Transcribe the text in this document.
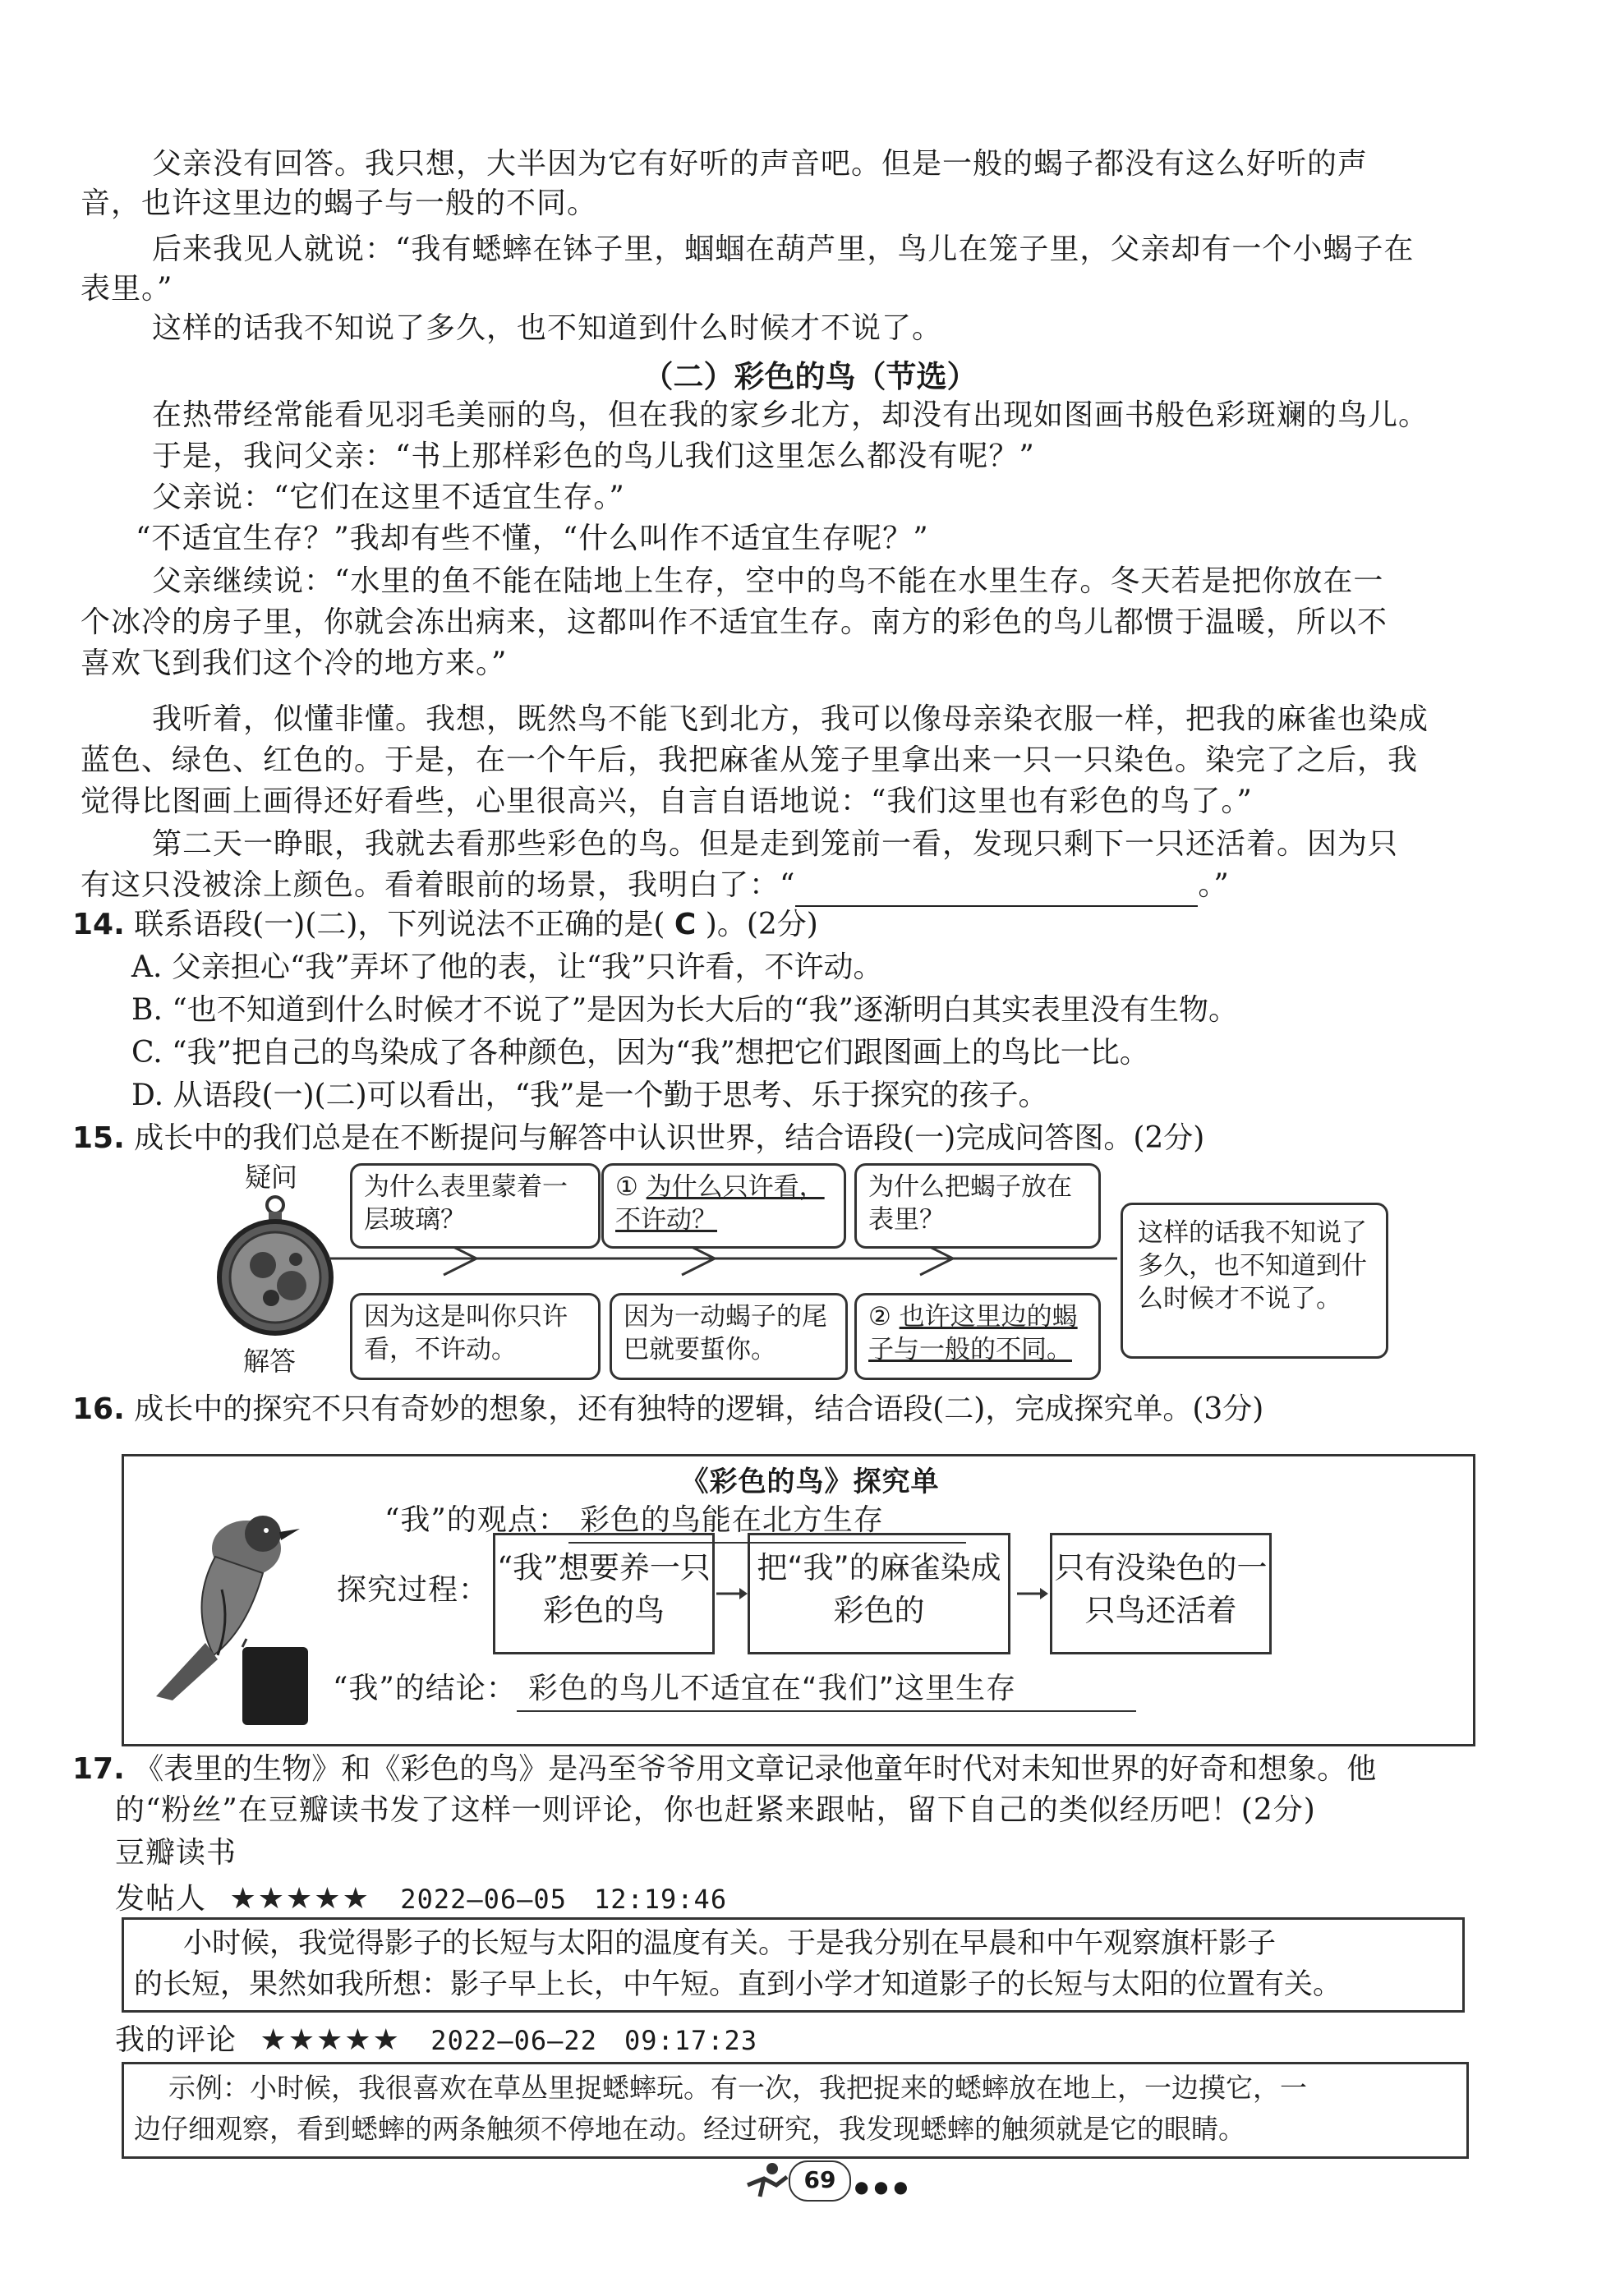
父亲没有回答。我只想，大半因为它有好听的声音吧。但是一般的蝎子都没有这么好听的声
音，也许这里边的蝎子与一般的不同。
后来我见人就说：“我有蟋蟀在钵子里，蝈蝈在葫芦里，鸟儿在笼子里，父亲却有一个小蝎子在
表里。”
这样的话我不知说了多久，也不知道到什么时候才不说了。
（二）彩色的鸟（节选）
在热带经常能看见羽毛美丽的鸟，但在我的家乡北方，却没有出现如图画书般色彩斑斓的鸟儿。
于是，我问父亲：“书上那样彩色的鸟儿我们这里怎么都没有呢？”
父亲说：“它们在这里不适宜生存。”
“不适宜生存？”我却有些不懂，“什么叫作不适宜生存呢？”
父亲继续说：“水里的鱼不能在陆地上生存，空中的鸟不能在水里生存。冬天若是把你放在一
个冰冷的房子里，你就会冻出病来，这都叫作不适宜生存。南方的彩色的鸟儿都惯于温暖，所以不
喜欢飞到我们这个冷的地方来。”
我听着，似懂非懂。我想，既然鸟不能飞到北方，我可以像母亲染衣服一样，把我的麻雀也染成
蓝色、绿色、红色的。于是，在一个午后，我把麻雀从笼子里拿出来一只一只染色。染完了之后，我
觉得比图画上画得还好看些，心里很高兴，自言自语地说：“我们这里也有彩色的鸟了。”
第二天一睁眼，我就去看那些彩色的鸟。但是走到笼前一看，发现只剩下一只还活着。因为只
有这只没被涂上颜色。看着眼前的场景，我明白了：“	。”
14. 联系语段(一)(二)，下列说法不正确的是( C )。(2分)
A. 父亲担心“我”弄坏了他的表，让“我”只许看，不许动。
B. “也不知道到什么时候才不说了”是因为长大后的“我”逐渐明白其实表里没有生物。
C. “我”把自己的鸟染成了各种颜色，因为“我”想把它们跟图画上的鸟比一比。
D. 从语段(一)(二)可以看出，“我”是一个勤于思考、乐于探究的孩子。
15. 成长中的我们总是在不断提问与解答中认识世界，结合语段(一)完成问答图。(2分)
疑问
解答
为什么表里蒙着一层玻璃？
① 为什么只许看，不许动？
为什么把蝎子放在表里？
因为这是叫你只许看，不许动。
因为一动蝎子的尾巴就要蜇你。
② 也许这里边的蝎子与一般的不同。
这样的话我不知说了多久，也不知道到什么时候才不说了。
16. 成长中的探究不只有奇妙的想象，还有独特的逻辑，结合语段(二)，完成探究单。(3分)
《彩色的鸟》探究单
“我”的观点： 彩色的鸟能在北方生存
探究过程：
“我”想要养一只彩色的鸟
把“我”的麻雀染成彩色的
只有没染色的一只鸟还活着
“我”的结论： 彩色的鸟儿不适宜在“我们”这里生存
17. 《表里的生物》和《彩色的鸟》是冯至爷爷用文章记录他童年时代对未知世界的好奇和想象。他
的“粉丝”在豆瓣读书发了这样一则评论，你也赶紧来跟帖，留下自己的类似经历吧！(2分)
豆瓣读书
发帖人 ★★★★★ 2022—06—05　12:19:46
小时候，我觉得影子的长短与太阳的温度有关。于是我分别在早晨和中午观察旗杆影子
的长短，果然如我所想：影子早上长，中午短。直到小学才知道影子的长短与太阳的位置有关。
我的评论 ★★★★★ 2022—06—22　09:17:23
示例：小时候，我很喜欢在草丛里捉蟋蟀玩。有一次，我把捉来的蟋蟀放在地上，一边摸它，一
边仔细观察，看到蟋蟀的两条触须不停地在动。经过研究，我发现蟋蟀的触须就是它的眼睛。
69	● ● ●
